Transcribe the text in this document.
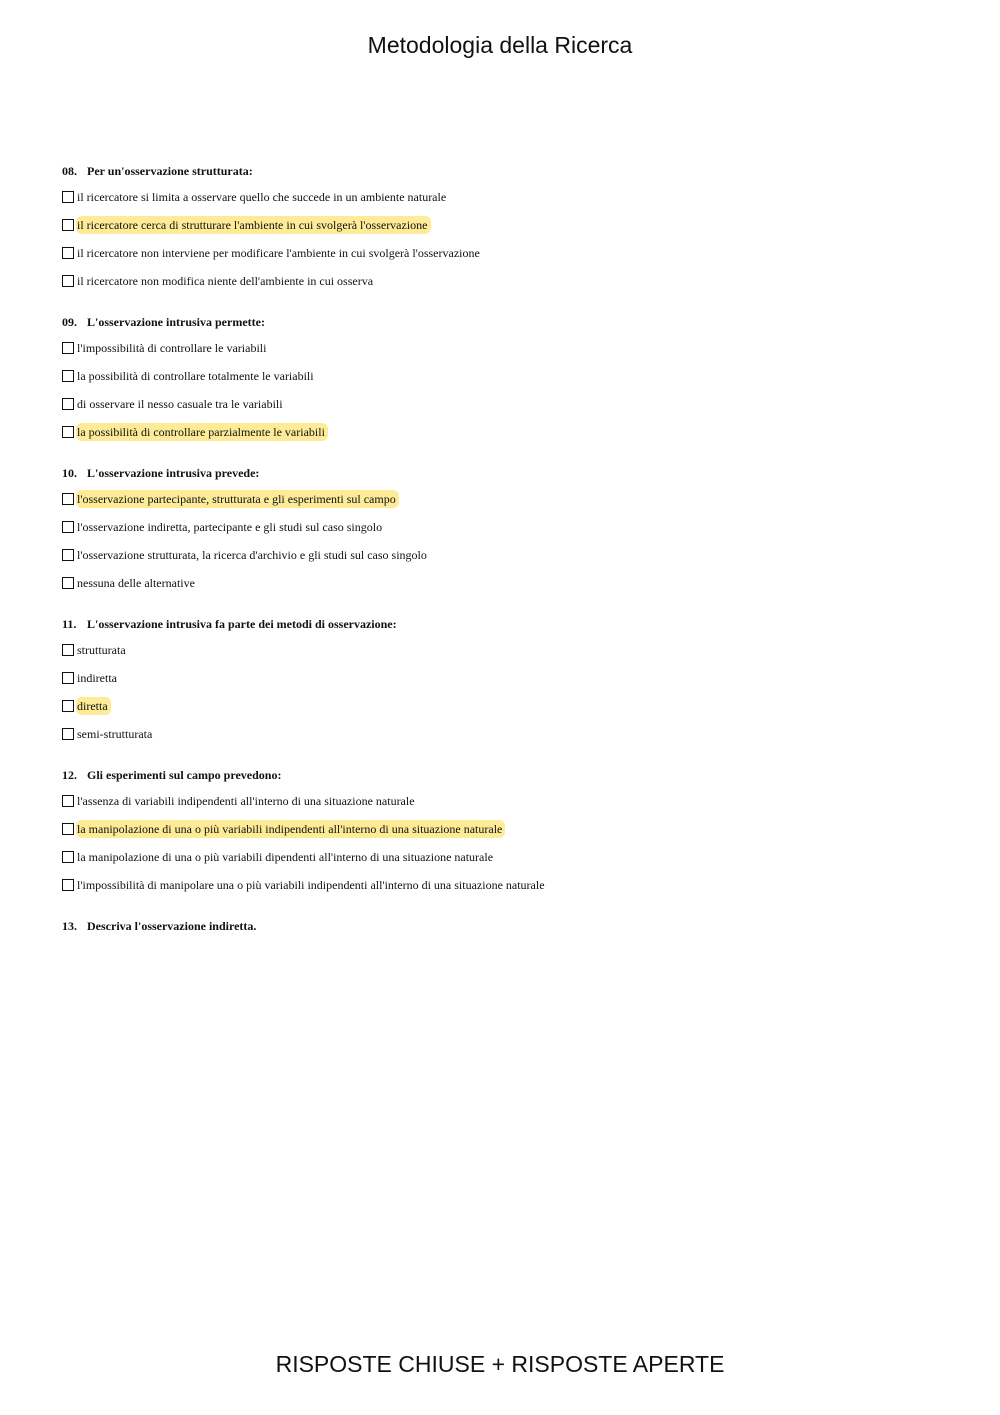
Metodologia della Ricerca
08. Per un'osservazione strutturata:
il ricercatore si limita a osservare quello che succede in un ambiente naturale
il ricercatore cerca di strutturare l'ambiente in cui svolgerà l'osservazione
il ricercatore non interviene per modificare l'ambiente in cui svolgerà l'osservazione
il ricercatore non modifica niente dell'ambiente in cui osserva
09. L'osservazione intrusiva permette:
l'impossibilità di controllare le variabili
la possibilità di controllare totalmente le variabili
di osservare il nesso casuale tra le variabili
la possibilità di controllare parzialmente le variabili
10. L'osservazione intrusiva prevede:
l'osservazione partecipante, strutturata e gli esperimenti sul campo
l'osservazione indiretta, partecipante e gli studi sul caso singolo
l'osservazione strutturata, la ricerca d'archivio e gli studi sul caso singolo
nessuna delle alternative
11. L'osservazione intrusiva fa parte dei metodi di osservazione:
strutturata
indiretta
diretta
semi-strutturata
12. Gli esperimenti sul campo prevedono:
l'assenza di variabili indipendenti all'interno di una situazione naturale
la manipolazione di una o più variabili indipendenti all'interno di una situazione naturale
la manipolazione di una o più variabili dipendenti all'interno di una situazione naturale
l'impossibilità di manipolare una o più variabili indipendenti all'interno di una situazione naturale
13. Descriva l'osservazione indiretta.
RISPOSTE CHIUSE + RISPOSTE APERTE
